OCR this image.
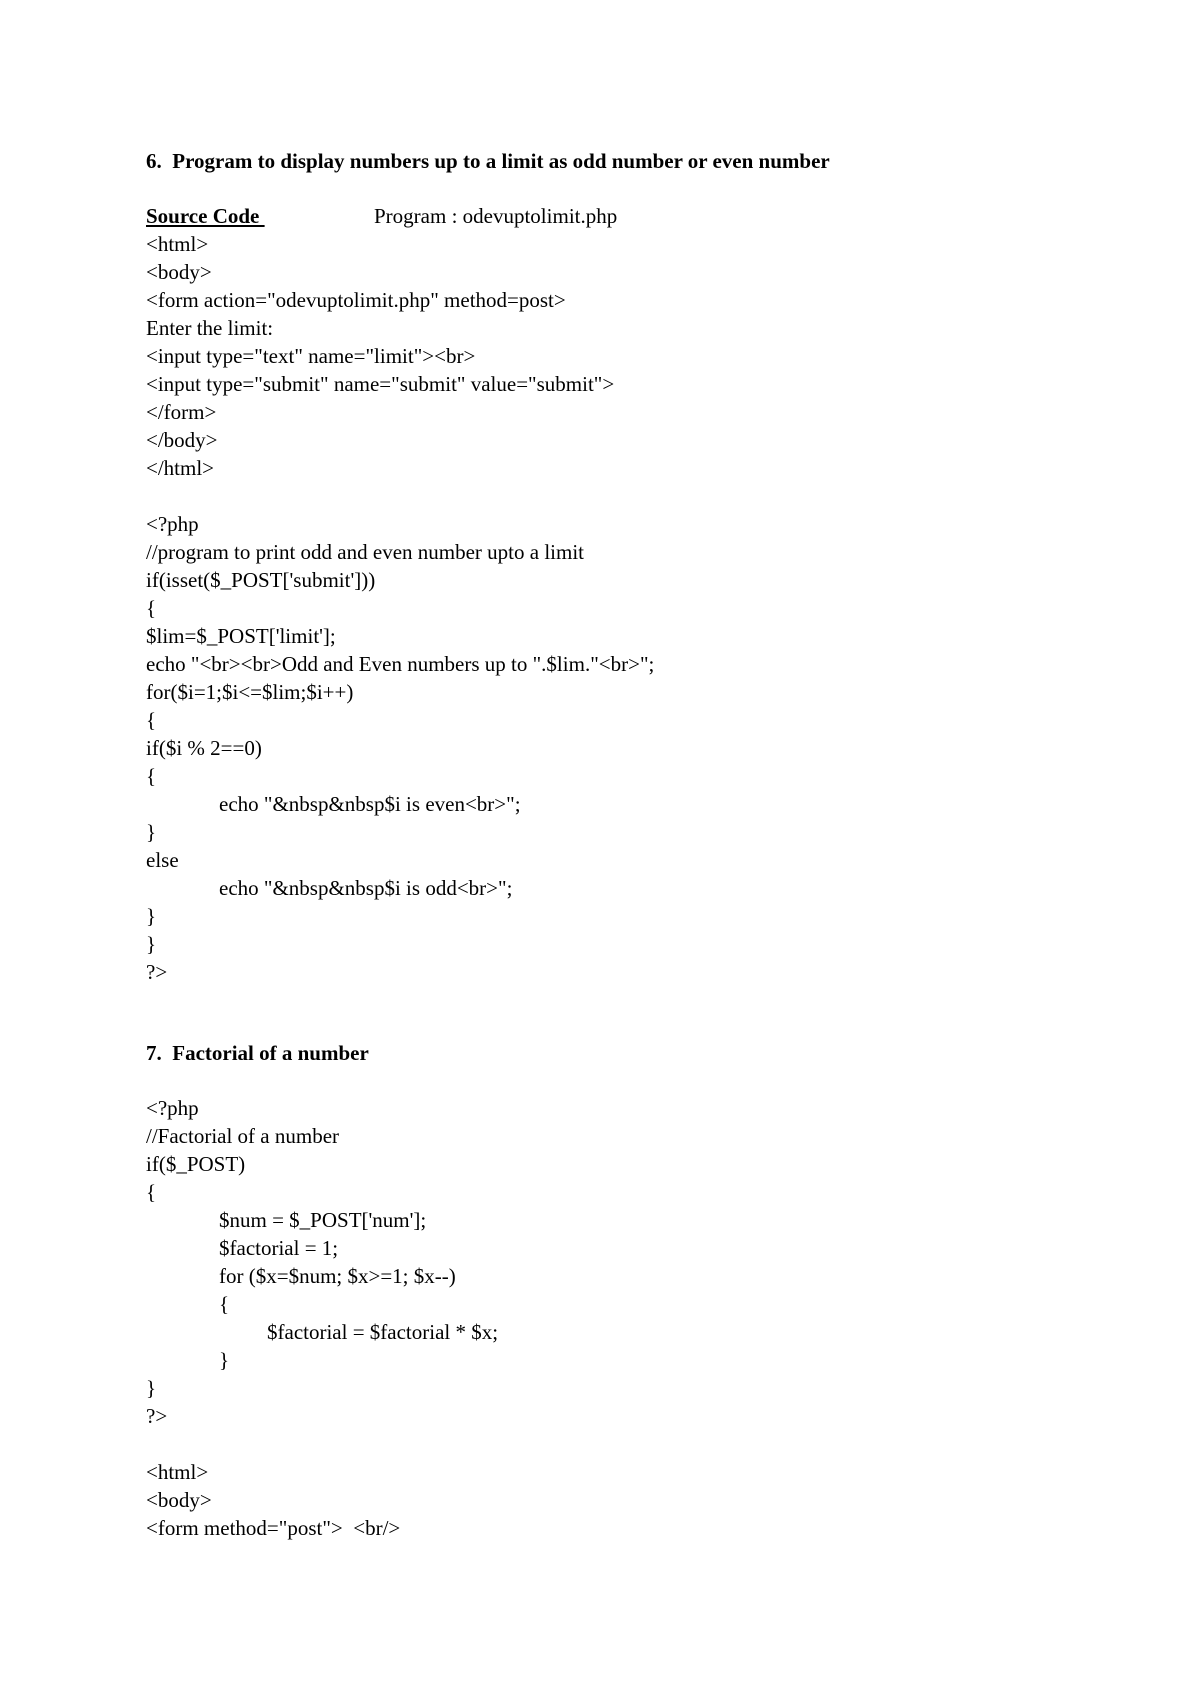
6.  Program to display numbers up to a limit as odd number or even number
Source Code	Program : odevuptolimit.php
<html>
<body>
<form action="odevuptolimit.php" method=post>
Enter the limit:
<input type="text" name="limit"><br>
<input type="submit" name="submit" value="submit">
</form>
</body>
</html>
<?php
//program to print odd and even number upto a limit
if(isset($_POST['submit']))
{
$lim=$_POST['limit'];
echo "<br><br>Odd and Even numbers up to ".$lim."<br>";
for($i=1;$i<=$lim;$i++)
{
if($i % 2==0)
{
echo "&nbsp&nbsp$i is even<br>";
}
else
echo "&nbsp&nbsp$i is odd<br>";
}
}
?>
7.  Factorial of a number
<?php
//Factorial of a number
if($_POST)
{
$num = $_POST['num'];
$factorial = 1;
for ($x=$num; $x>=1; $x--)
{
$factorial = $factorial * $x;
}
}
?>
<html>
<body>
<form method="post">  <br/>
